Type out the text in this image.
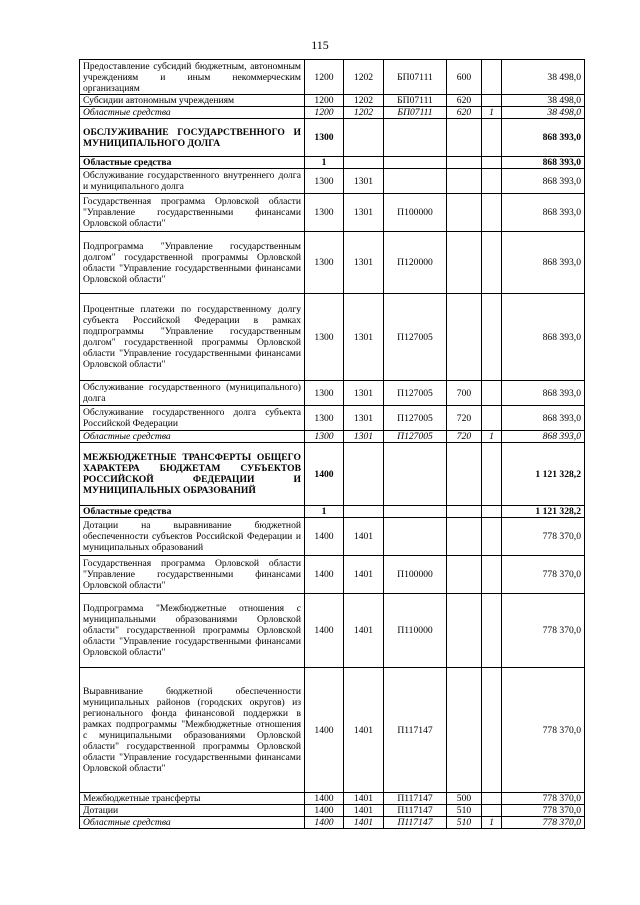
115
Предоставление субсидий бюджетным, автономным учреждениям и иным некоммерческим организациям	1200	1202	БП07111	600		38 498,0
Субсидии автономным учреждениям	1200	1202	БП07111	620		38 498,0
Областные средства	1200	1202	БП07111	620	1	38 498,0
ОБСЛУЖИВАНИЕ ГОСУДАРСТВЕННОГО И МУНИЦИПАЛЬНОГО ДОЛГА	1300					868 393,0
Областные средства	1					868 393,0
Обслуживание государственного внутреннего долга и муниципального долга	1300	1301				868 393,0
Государственная программа Орловской области "Управление государственными финансами Орловской области"	1300	1301	П100000			868 393,0
Подпрограмма "Управление государственным долгом" государственной программы Орловской области "Управление государственными финансами Орловской области"	1300	1301	П120000			868 393,0
Процентные платежи по государственному долгу субъекта Российской Федерации в рамках подпрограммы "Управление государственным долгом" государственной программы Орловской области "Управление государственными финансами Орловской области"	1300	1301	П127005			868 393,0
Обслуживание государственного (муниципального) долга	1300	1301	П127005	700		868 393,0
Обслуживание государственного долга субъекта Российской Федерации	1300	1301	П127005	720		868 393,0
Областные средства	1300	1301	П127005	720	1	868 393,0
МЕЖБЮДЖЕТНЫЕ ТРАНСФЕРТЫ ОБЩЕГО ХАРАКТЕРА БЮДЖЕТАМ СУБЪЕКТОВ РОССИЙСКОЙ ФЕДЕРАЦИИ И МУНИЦИПАЛЬНЫХ ОБРАЗОВАНИЙ	1400					1 121 328,2
Областные средства	1					1 121 328,2
Дотации на выравнивание бюджетной обеспеченности субъектов Российской Федерации и муниципальных образований	1400	1401				778 370,0
Государственная программа Орловской области "Управление государственными финансами Орловской области"	1400	1401	П100000			778 370,0
Подпрограмма "Межбюджетные отношения с муниципальными образованиями Орловской области" государственной программы Орловской области "Управление государственными финансами Орловской области"	1400	1401	П110000			778 370,0
Выравнивание бюджетной обеспеченности муниципальных районов (городских округов) из регионального фонда финансовой поддержки в рамках подпрограммы "Межбюджетные отношения с муниципальными образованиями Орловской области" государственной программы Орловской области "Управление государственными финансами Орловской области"	1400	1401	П117147			778 370,0
Межбюджетные трансферты	1400	1401	П117147	500		778 370,0
Дотации	1400	1401	П117147	510		778 370,0
Областные средства	1400	1401	П117147	510	1	778 370,0
